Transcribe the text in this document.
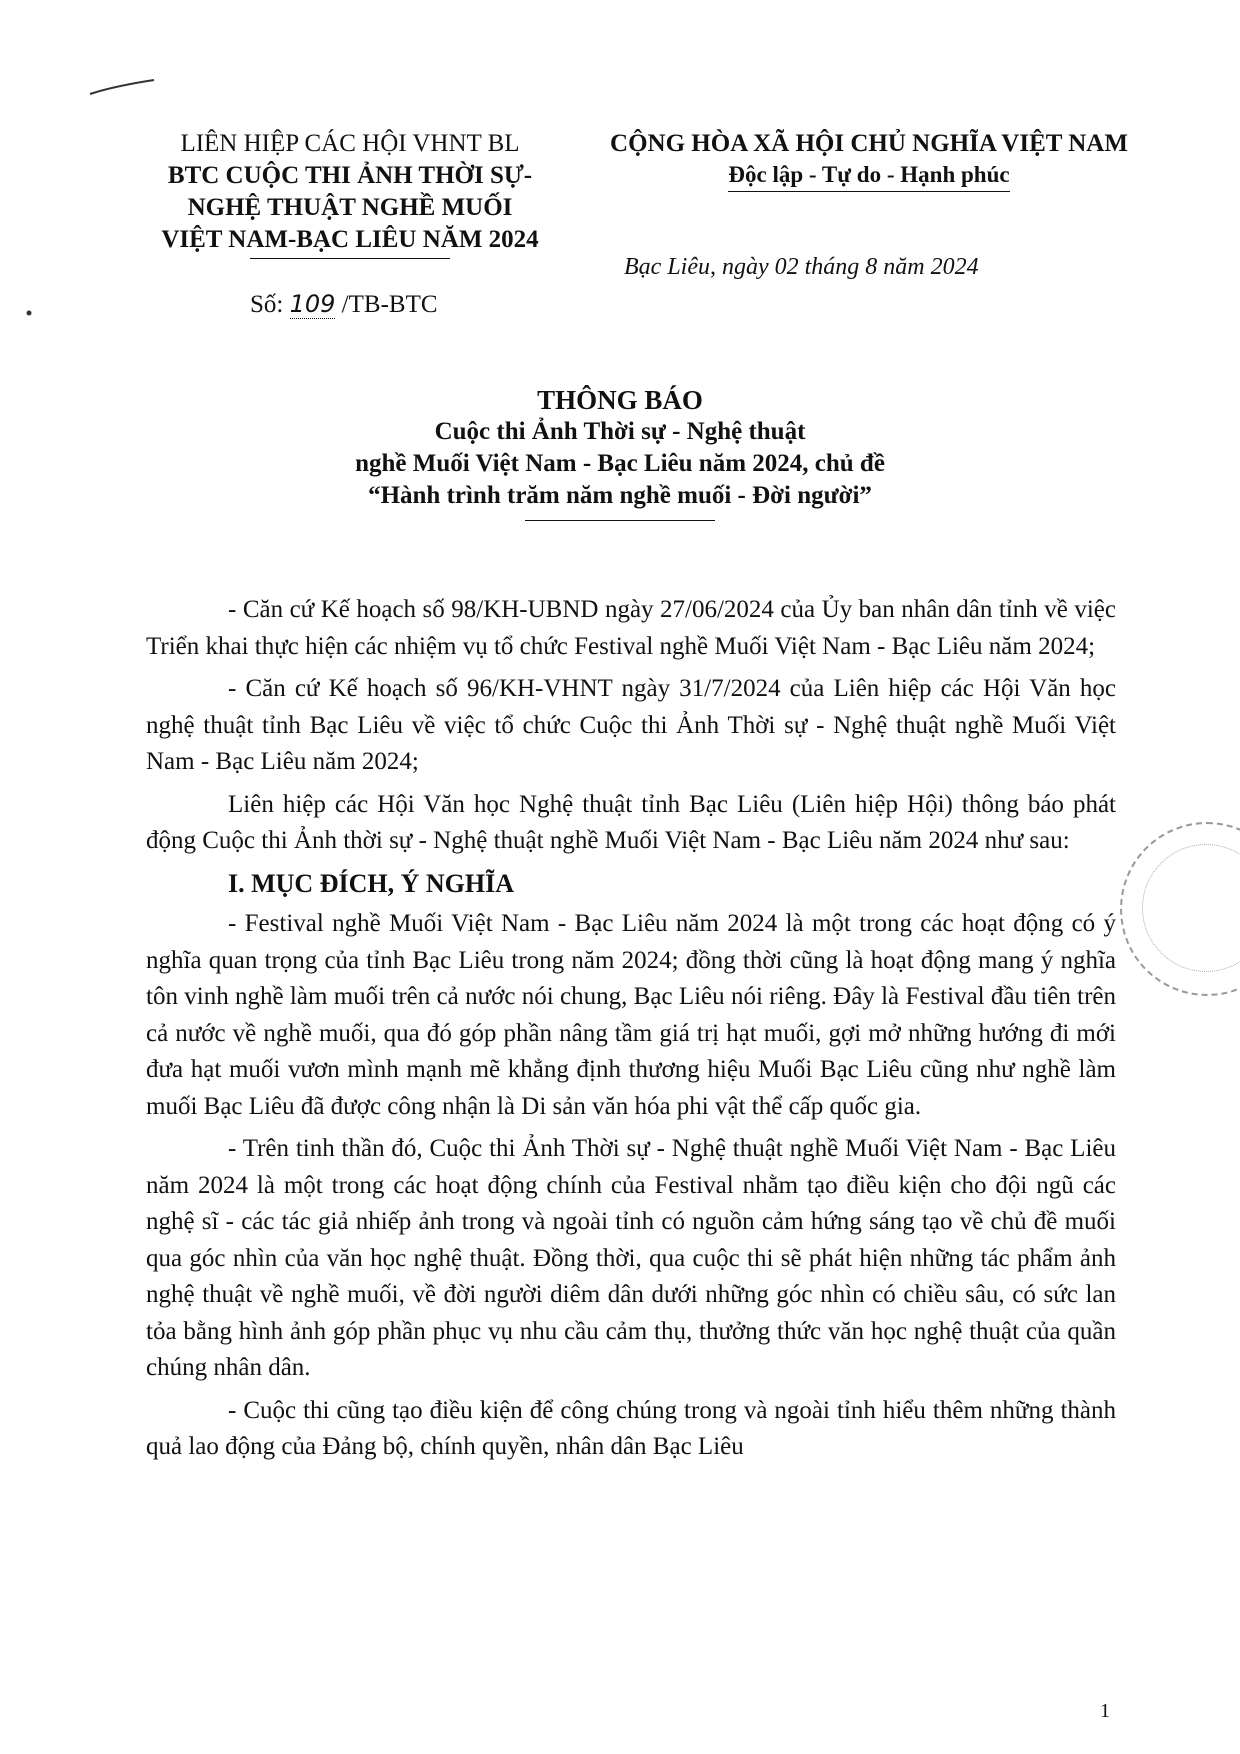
LIÊN HIỆP CÁC HỘI VHNT BL
BTC CUỘC THI ẢNH THỜI SỰ-
NGHỆ THUẬT NGHỀ MUỐI
VIỆT NAM-BẠC LIÊU NĂM 2024
Số: 109 /TB-BTC
CỘNG HÒA XÃ HỘI CHỦ NGHĨA VIỆT NAM
Độc lập - Tự do - Hạnh phúc
Bạc Liêu, ngày 02 tháng 8 năm 2024
THÔNG BÁO
Cuộc thi Ảnh Thời sự - Nghệ thuật
nghề Muối Việt Nam - Bạc Liêu năm 2024, chủ đề
“Hành trình trăm năm nghề muối - Đời người”

- Căn cứ Kế hoạch số 98/KH-UBND ngày 27/06/2024 của Ủy ban nhân dân tỉnh về việc Triển khai thực hiện các nhiệm vụ tổ chức Festival nghề Muối Việt Nam - Bạc Liêu năm 2024;

- Căn cứ Kế hoạch số 96/KH-VHNT ngày 31/7/2024 của Liên hiệp các Hội Văn học nghệ thuật tỉnh Bạc Liêu về việc tổ chức Cuộc thi Ảnh Thời sự - Nghệ thuật nghề Muối Việt Nam - Bạc Liêu năm 2024;

Liên hiệp các Hội Văn học Nghệ thuật tỉnh Bạc Liêu (Liên hiệp Hội) thông báo phát động Cuộc thi Ảnh thời sự - Nghệ thuật nghề Muối Việt Nam - Bạc Liêu năm 2024 như sau:

I. MỤC ĐÍCH, Ý NGHĨA

- Festival nghề Muối Việt Nam - Bạc Liêu năm 2024 là một trong các hoạt động có ý nghĩa quan trọng của tỉnh Bạc Liêu trong năm 2024; đồng thời cũng là hoạt động mang ý nghĩa tôn vinh nghề làm muối trên cả nước nói chung, Bạc Liêu nói riêng. Đây là Festival đầu tiên trên cả nước về nghề muối, qua đó góp phần nâng tầm giá trị hạt muối, gợi mở những hướng đi mới đưa hạt muối vươn mình mạnh mẽ khẳng định thương hiệu Muối Bạc Liêu cũng như nghề làm muối Bạc Liêu đã được công nhận là Di sản văn hóa phi vật thể cấp quốc gia.

- Trên tinh thần đó, Cuộc thi Ảnh Thời sự - Nghệ thuật nghề Muối Việt Nam - Bạc Liêu năm 2024 là một trong các hoạt động chính của Festival nhằm tạo điều kiện cho đội ngũ các nghệ sĩ - các tác giả nhiếp ảnh trong và ngoài tỉnh có nguồn cảm hứng sáng tạo về chủ đề muối qua góc nhìn của văn học nghệ thuật. Đồng thời, qua cuộc thi sẽ phát hiện những tác phẩm ảnh nghệ thuật về nghề muối, về đời người diêm dân dưới những góc nhìn có chiều sâu, có sức lan tỏa bằng hình ảnh góp phần phục vụ nhu cầu cảm thụ, thưởng thức văn học nghệ thuật của quần chúng nhân dân.

- Cuộc thi cũng tạo điều kiện để công chúng trong và ngoài tỉnh hiểu thêm những thành quả lao động của Đảng bộ, chính quyền, nhân dân Bạc Liêu

1
